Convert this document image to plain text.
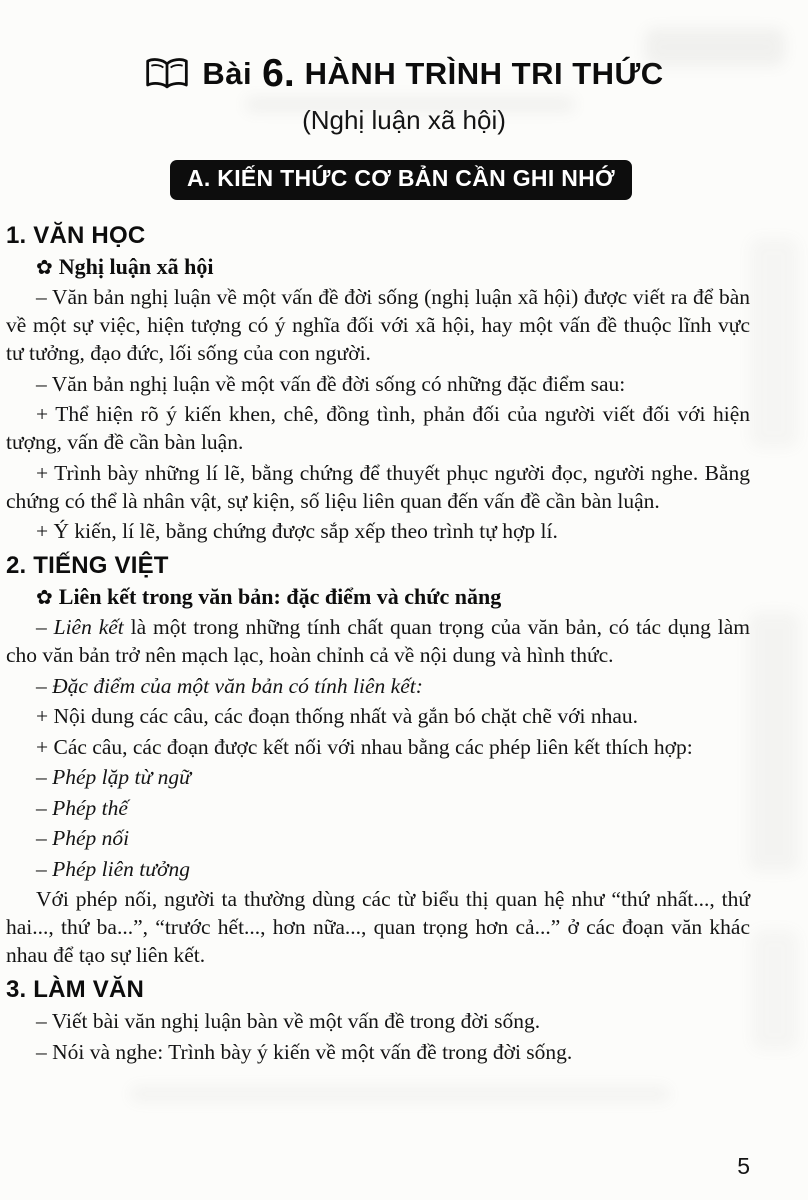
Bài 6. HÀNH TRÌNH TRI THỨC
(Nghị luận xã hội)
A. KIẾN THỨC CƠ BẢN CẦN GHI NHỚ
1. VĂN HỌC
✿ Nghị luận xã hội

– Văn bản nghị luận về một vấn đề đời sống (nghị luận xã hội) được viết ra để bàn về một sự việc, hiện tượng có ý nghĩa đối với xã hội, hay một vấn đề thuộc lĩnh vực tư tưởng, đạo đức, lối sống của con người.

– Văn bản nghị luận về một vấn đề đời sống có những đặc điểm sau:

+ Thể hiện rõ ý kiến khen, chê, đồng tình, phản đối của người viết đối với hiện tượng, vấn đề cần bàn luận.

+ Trình bày những lí lẽ, bằng chứng để thuyết phục người đọc, người nghe. Bằng chứng có thể là nhân vật, sự kiện, số liệu liên quan đến vấn đề cần bàn luận.

+ Ý kiến, lí lẽ, bằng chứng được sắp xếp theo trình tự hợp lí.

2. TIẾNG VIỆT
✿ Liên kết trong văn bản: đặc điểm và chức năng

– Liên kết là một trong những tính chất quan trọng của văn bản, có tác dụng làm cho văn bản trở nên mạch lạc, hoàn chỉnh cả về nội dung và hình thức.

– Đặc điểm của một văn bản có tính liên kết:

+ Nội dung các câu, các đoạn thống nhất và gắn bó chặt chẽ với nhau.

+ Các câu, các đoạn được kết nối với nhau bằng các phép liên kết thích hợp:

– Phép lặp từ ngữ

– Phép thế

– Phép nối

– Phép liên tưởng

Với phép nối, người ta thường dùng các từ biểu thị quan hệ như “thứ nhất..., thứ hai..., thứ ba...”, “trước hết..., hơn nữa..., quan trọng hơn cả...” ở các đoạn văn khác nhau để tạo sự liên kết.

3. LÀM VĂN

– Viết bài văn nghị luận bàn về một vấn đề trong đời sống.

– Nói và nghe: Trình bày ý kiến về một vấn đề trong đời sống.

5
